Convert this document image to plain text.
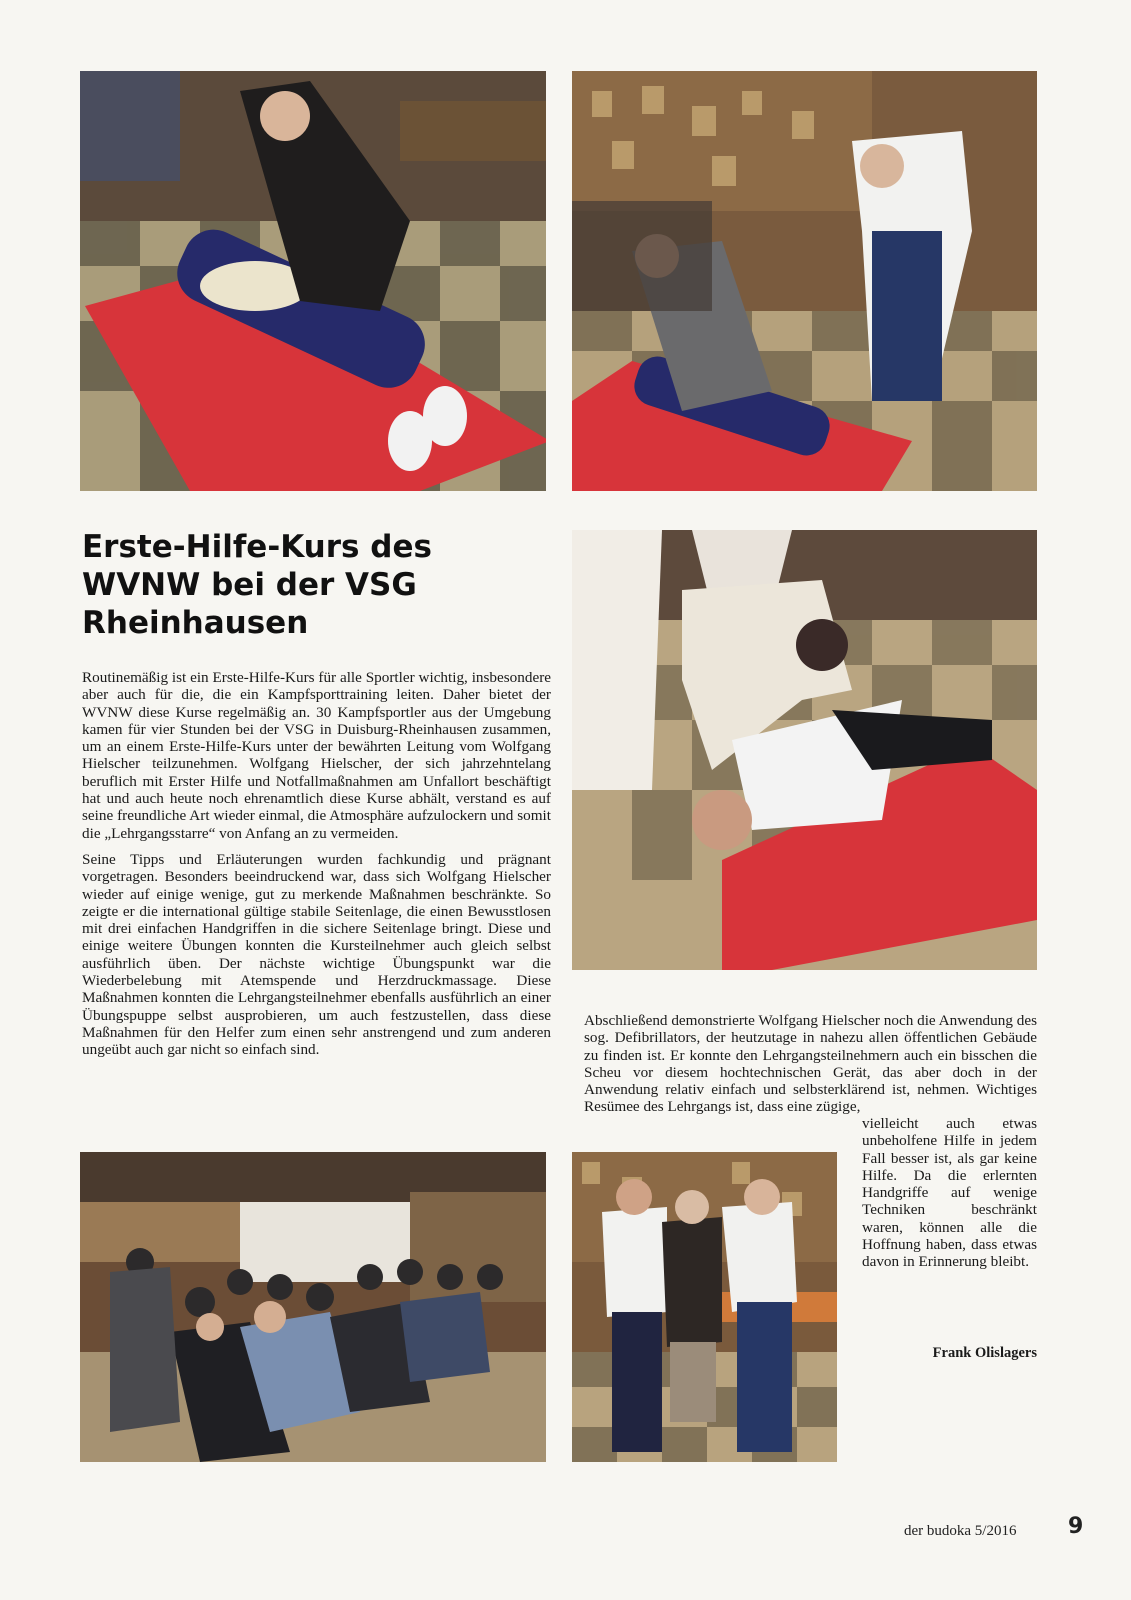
Erste-Hilfe-Kurs des WVNW bei der VSG Rheinhausen

Routinemäßig ist ein Erste-Hilfe-Kurs für alle Sportler wichtig, insbesondere aber auch für die, die ein Kampfsporttraining leiten. Daher bietet der WVNW diese Kurse regelmäßig an. 30 Kampfsportler aus der Umgebung kamen für vier Stunden bei der VSG in Duisburg-Rheinhausen zusammen, um an einem Erste-Hilfe-Kurs unter der bewährten Leitung vom Wolfgang Hielscher teilzunehmen. Wolfgang Hielscher, der sich jahrzehntelang beruflich mit Erster Hilfe und Notfallmaßnahmen am Unfallort beschäftigt hat und auch heute noch ehrenamtlich diese Kurse abhält, verstand es auf seine freundliche Art wieder einmal, die Atmosphäre aufzulockern und somit die „Lehrgangsstarre“ von Anfang an zu vermeiden.

Seine Tipps und Erläuterungen wurden fachkundig und prägnant vorgetragen. Besonders beeindruckend war, dass sich Wolfgang Hielscher wieder auf einige wenige, gut zu merkende Maßnahmen beschränkte. So zeigte er die international gültige stabile Seitenlage, die einen Bewusstlosen mit drei einfachen Handgriffen in die sichere Seitenlage bringt. Diese und einige weitere Übungen konnten die Kursteilnehmer auch gleich selbst ausführlich üben. Der nächste wichtige Übungspunkt war die Wiederbelebung mit Atemspende und Herzdruckmassage. Diese Maßnahmen konnten die Lehrgangsteilnehmer ebenfalls ausführlich an einer Übungspuppe selbst ausprobieren, um auch festzustellen, dass diese Maßnahmen für den Helfer zum einen sehr anstrengend und zum anderen ungeübt auch gar nicht so einfach sind.

Abschließend demonstrierte Wolfgang Hielscher noch die Anwendung des sog. Defibrillators, der heutzutage in nahezu allen öffentlichen Gebäude zu finden ist. Er konnte den Lehrgangsteilnehmern auch ein bisschen die Scheu vor diesem hochtechnischen Gerät, das aber doch in der Anwendung relativ einfach und selbsterklärend ist, nehmen. Wichtiges Resümee des Lehrgangs ist, dass eine zügige,

vielleicht auch etwas unbeholfene Hilfe in jedem Fall besser ist, als gar keine Hilfe. Da die erlernten Handgriffe auf wenige Techniken beschränkt waren, können alle die Hoffnung haben, dass etwas davon in Erinnerung bleibt.

Frank Olislagers
der budoka 5/2016 9
